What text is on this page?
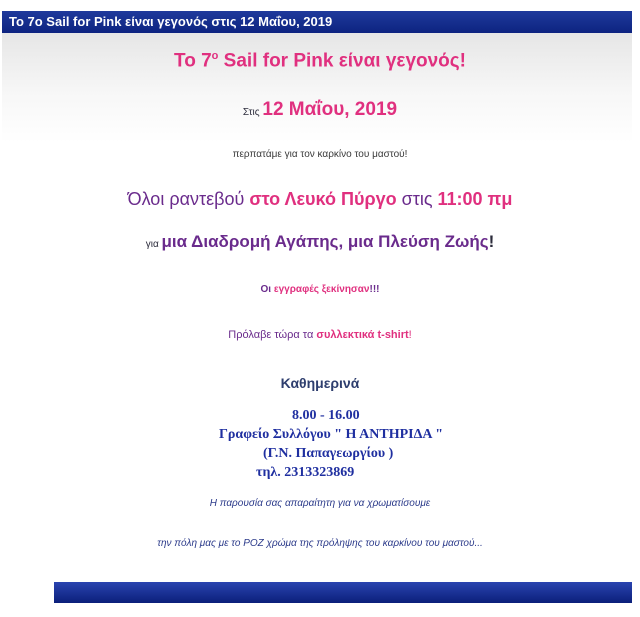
Το 7ο Sail for Pink είναι γεγονός στις 12 Μαΐου, 2019
Το $7^o$ Sail for Pink είναι γεγονός!
Στις 12 Μαΐου, 2019
περπατάμε για τον καρκίνο του μαστού!
Όλοι ραντεβού στο Λευκό Πύργο στις 11:00 πμ
για μια Διαδρομή Αγάπης, μια Πλεύση Ζωής!
Οι εγγραφές ξεκίνησαν!!!
Πρόλαβε τώρα τα συλλεκτικά t-shirt!
Καθημερινά
8.00 - 16.00
Γραφείο Συλλόγου " Η ΑΝΤΗΡΙΔΑ "
(Γ.Ν. Παπαγεωργίου )
τηλ. 2313323869
Η παρουσία σας απαραίτητη για να χρωματίσουμε
την πόλη μας με το ΡΟΖ χρώμα της πρόληψης του καρκίνου του μαστού...
